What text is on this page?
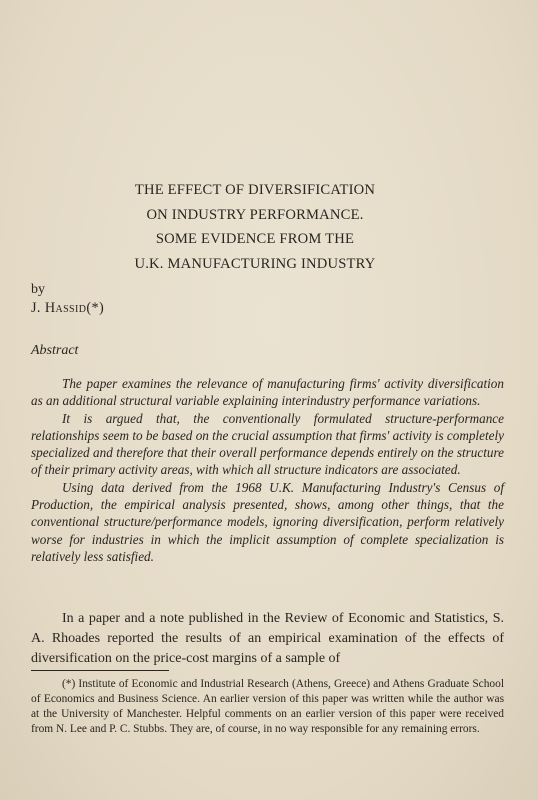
THE EFFECT OF DIVERSIFICATION
ON INDUSTRY PERFORMANCE.
SOME EVIDENCE FROM THE
U.K. MANUFACTURING INDUSTRY
by
J. Hassid(*)
Abstract

The paper examines the relevance of manufacturing firms' activity diversification as an additional structural variable explaining interindustry performance variations.

It is argued that, the conventionally formulated structure-performance relationships seem to be based on the crucial assumption that firms' activity is completely specialized and therefore that their overall performance depends entirely on the structure of their primary activity areas, with which all structure indicators are associated.

Using data derived from the 1968 U.K. Manufacturing Industry's Census of Production, the empirical analysis presented, shows, among other things, that the conventional structure/performance models, ignoring diversification, perform relatively worse for industries in which the implicit assumption of complete specialization is relatively less satisfied.

In a paper and a note published in the Review of Economic and Statistics, S. A. Rhoades reported the results of an empirical examination of the effects of diversification on the price-cost margins of a sample of

(*) Institute of Economic and Industrial Research (Athens, Greece) and Athens Graduate School of Economics and Business Science. An earlier version of this paper was written while the author was at the University of Manchester. Helpful comments on an earlier version of this paper were received from N. Lee and P. C. Stubbs. They are, of course, in no way responsible for any remaining errors.
